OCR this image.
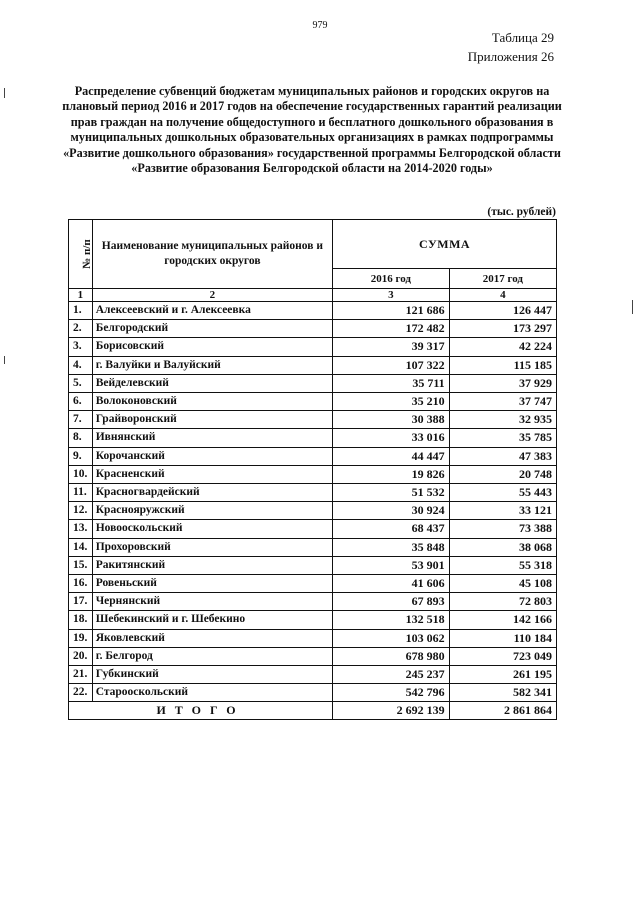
979
Таблица 29
Приложения 26
Распределение субвенций бюджетам муниципальных районов и городских округов на плановый период 2016 и 2017 годов на обеспечение государственных гарантий реализации прав граждан на получение общедоступного и бесплатного дошкольного образования в муниципальных дошкольных образовательных организациях в рамках подпрограммы «Развитие дошкольного образования» государственной программы Белгородской области «Развитие образования Белгородской области на 2014-2020 годы»
(тыс. рублей)
№ п/п	Наименование муниципальных районов и городских округов	СУММА	
		2016 год	2017 год
1	2	3	4
1.	Алексеевский и г. Алексеевка	121 686	126 447
2.	Белгородский	172 482	173 297
3.	Борисовский	39 317	42 224
4.	г. Валуйки и Валуйский	107 322	115 185
5.	Вейделевский	35 711	37 929
6.	Волоконовский	35 210	37 747
7.	Грайворонский	30 388	32 935
8.	Ивнянский	33 016	35 785
9.	Корочанский	44 447	47 383
10.	Красненский	19 826	20 748
11.	Красногвардейский	51 532	55 443
12.	Краснояружский	30 924	33 121
13.	Новооскольский	68 437	73 388
14.	Прохоровский	35 848	38 068
15.	Ракитянский	53 901	55 318
16.	Ровеньский	41 606	45 108
17.	Чернянский	67 893	72 803
18.	Шебекинский и г. Шебекино	132 518	142 166
19.	Яковлевский	103 062	110 184
20.	г. Белгород	678 980	723 049
21.	Губкинский	245 237	261 195
22.	Старооскольский	542 796	582 341
ИТОГО		2 692 139	2 861 864
